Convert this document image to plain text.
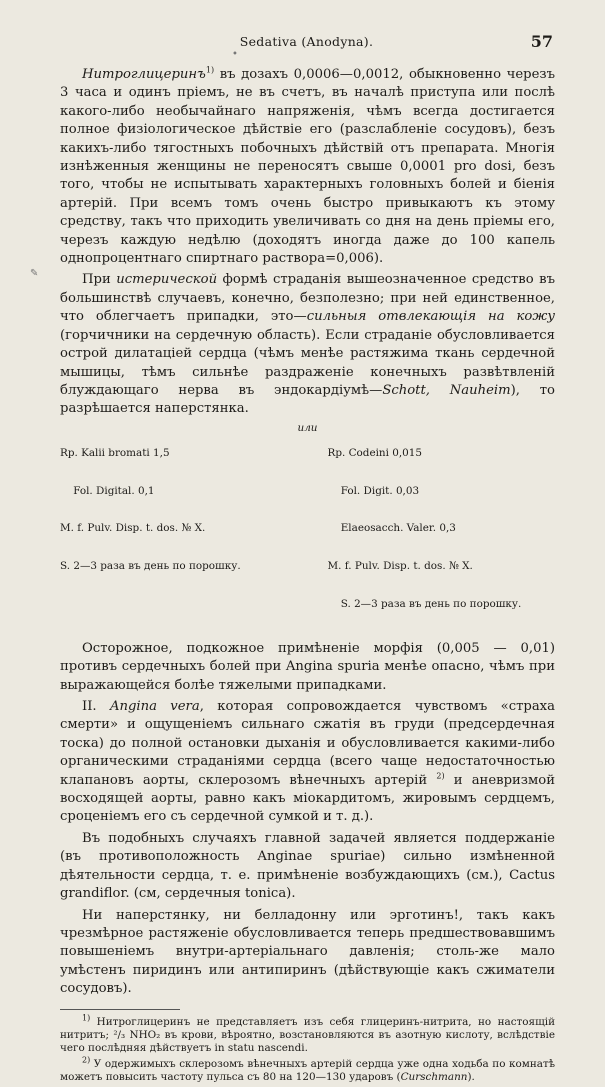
Sedativa (Anodyna).	57
•
✎

Нитроглицеринъ$^{1)}$ въ дозахъ 0,0006—0,0012, обыкновенно черезъ 3 часа и одинъ пріемъ, не въ счетъ, въ началѣ приступа или послѣ какого-либо необычайнаго напряженія, чѣмъ всегда достигается полное физіологическое дѣйствіе его (разслабленіе сосудовъ), безъ какихъ-либо тягостныхъ побочныхъ дѣйствій отъ препарата. Многія изнѣженныя женщины не переносятъ свыше 0,0001 pro dosi, безъ того, чтобы не испытывать характерныхъ головныхъ болей и біенія артерій. При всемъ томъ очень быстро привыкаютъ къ этому средству, такъ что приходить увеличивать со дня на день пріемы его, черезъ каждую недѣлю (доходятъ иногда даже до 100 капель однопроцентнаго спиртнаго раствора=0,006).

При истерической формѣ страданія вышеозначенное средство въ большинствѣ случаевъ, конечно, безполезно; при ней единственное, что облегчаетъ припадки, это—сильныя отвлекающія на кожу (горчичники на сердечную область). Если страданіе обусловливается острой дилатаціей сердца (чѣмъ менѣе растяжима ткань сердечной мышицы, тѣмъ сильнѣе раздраженіе конечныхъ развѣтвленій блуждающаго нерва въ эндокардіумѣ—Schott, Nauheim), то разрѣшается наперстянка.

Rp. Kalii bromati 1,5

Fol. Digital. 0,1

M. f. Pulv. Disp. t. dos. № X.

S. 2—3 раза въ день по порошку.

или

Rp. Codeini 0,015

Fol. Digit. 0,03

Elaeosacch. Valer. 0,3

M. f. Pulv. Disp. t. dos. № X.

S. 2—3 раза въ день по порошку.

Осторожное, подкожное примѣненіе морфія (0,005 — 0,01) противъ сердечныхъ болей при Angina spuria менѣе опасно, чѣмъ при выражающейся болѣе тяжелыми припадками.

II. Angina vera, которая сопровождается чувствомъ «страха смерти» и ощущеніемъ сильнаго сжатія въ груди (предсердечная тоска) до полной остановки дыханія и обусловливается какими-либо органическими страданіями сердца (всего чаще недостаточностью клапановъ аорты, склерозомъ вѣнечныхъ артерій $^{2)}$ и аневризмой восходящей аорты, равно какъ міокардитомъ, жировымъ сердцемъ, сроценіемъ его съ сердечной сумкой и т. д.).

Въ подобныхъ случаяхъ главной задачей является поддержаніе (въ противоположность Anginae spuriae) сильно измѣненной дѣятельности сердца, т. е. примѣненіе возбуждающихъ (см.), Cactus grandiflor. (см, сердечныя tonica).

Ни наперстянку, ни белладонну или эрготинъ!, такъ какъ чрезмѣрное растяженіе обусловливается теперь предшествовавшимъ повышеніемъ внутри-артеріальнаго давленія; столь-же мало умѣстенъ пиридинъ или антипиринъ (дѣйствующіе какъ сжиматели сосудовъ).

$^{1)}$ Нитроглицеринъ не представляетъ изъ себя глицеринъ-нитрита, но настоящій нитритъ; ²/₃ NHO₂ въ крови, вѣроятно, возстановляются въ азотную кислоту, вслѣдствіе чего послѣдняя дѣйствуетъ in statu nascendi.

$^{2)}$ У одержимыхъ склерозомъ вѣнечныхъ артерій сердца уже одна ходьба по комнатѣ можетъ повысить частоту пульса съ 80 на 120—130 ударовъ (Curschmann).
